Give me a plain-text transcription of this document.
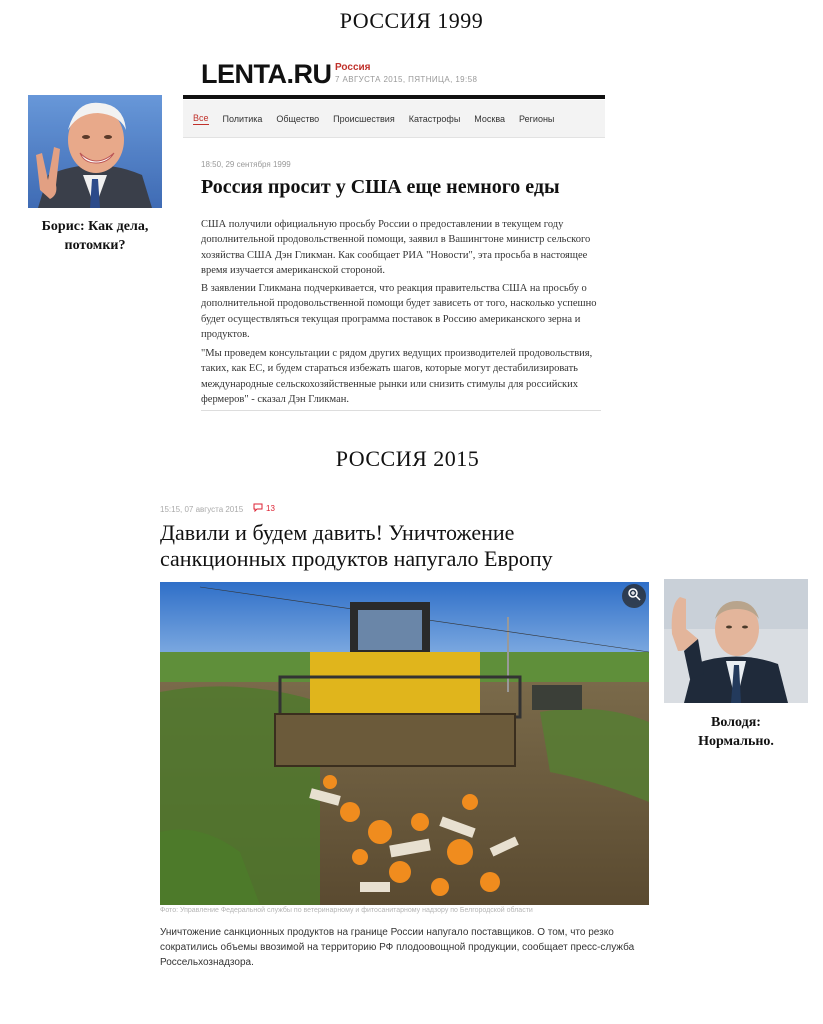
РОССИЯ 1999
Борис: Как дела,
потомки?
LENTA.RU Россия
7 АВГУСТА 2015, ПЯТНИЦА, 19:58
Все Политика Общество Происшествия Катастрофы Москва Регионы
18:50, 29 сентября 1999
Россия просит у США еще немного еды
США получили официальную просьбу России о предоставлении в текущем году дополнительной продовольственной помощи, заявил в Вашингтоне министр сельского хозяйства США Дэн Гликман. Как сообщает РИА "Новости", эта просьба в настоящее время изучается американской стороной.
В заявлении Гликмана подчеркивается, что реакция правительства США на просьбу о дополнительной продовольственной помощи будет зависеть от того, насколько успешно будет осуществляться текущая программа поставок в Россию американского зерна и продуктов.
"Мы проведем консультации с рядом других ведущих производителей продовольствия, таких, как ЕС, и будем стараться избежать шагов, которые могут дестабилизировать международные сельскохозяйственные рынки или снизить стимулы для российских фермеров" - сказал Дэн Гликман.
РОССИЯ 2015
15:15, 07 августа 2015	13
Давили и будем давить! Уничтожение
санкционных продуктов напугало Европу
Фото: Управление Федеральной службы по ветеринарному и фитосанитарному надзору по Белгородской области
Уничтожение санкционных продуктов на границе России напугало поставщиков. О том, что резко сократились объемы ввозимой на территорию РФ плодоовощной продукции, сообщает пресс-служба Россельхознадзора.
Володя:
Нормально.
